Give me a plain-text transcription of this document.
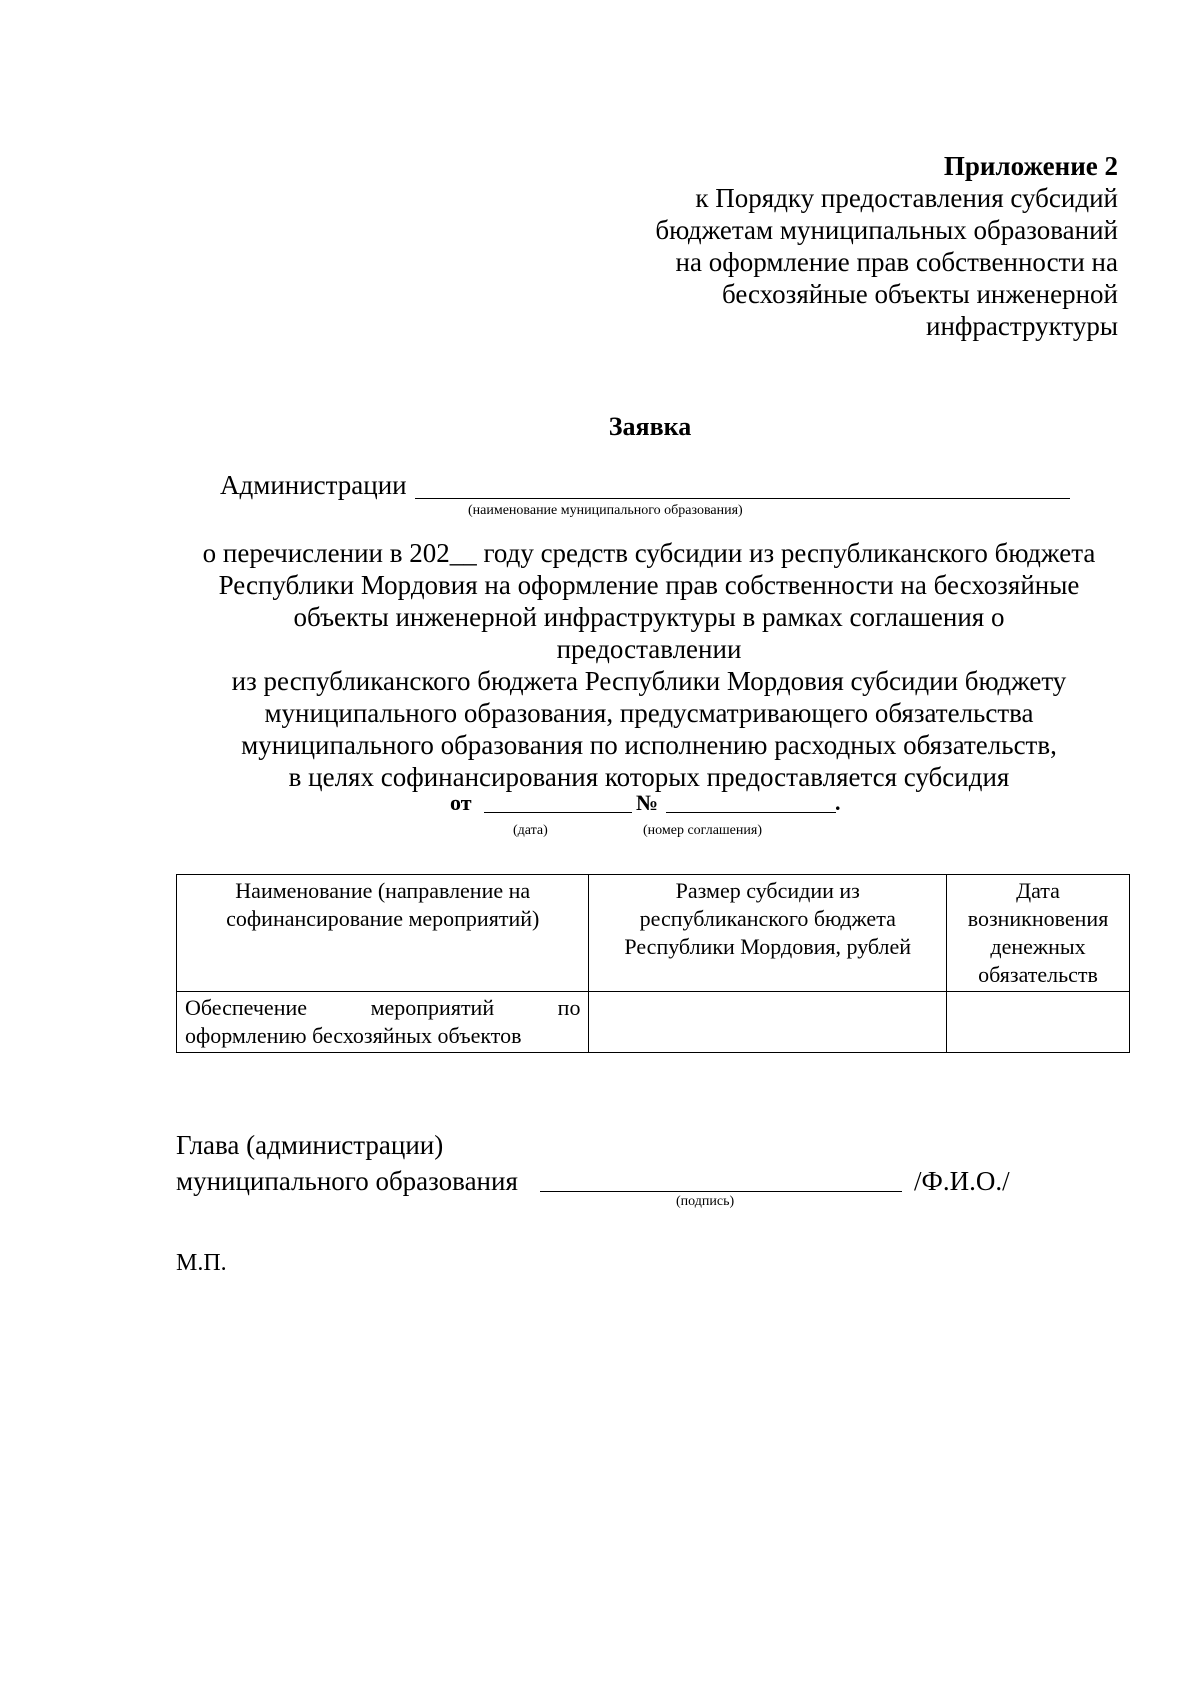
Приложение 2
к Порядку предоставления субсидий
бюджетам муниципальных образований
на оформление прав собственности на
бесхозяйные объекты инженерной
инфраструктуры
Заявка
Администрации
(наименование муниципального образования)
о перечислении в 202__ году средств субсидии из республиканского бюджета
Республики Мордовия на оформление прав собственности на бесхозяйные
объекты инженерной инфраструктуры в рамках соглашения о
предоставлении
из республиканского бюджета Республики Мордовия субсидии бюджету
муниципального образования, предусматривающего обязательства
муниципального образования по исполнению расходных обязательств,
в целях софинансирования которых предоставляется субсидия
от	№	.
(дата)	(номер соглашения)
Наименование (направление на софинансирование мероприятий)	Размер субсидии из республиканского бюджета Республики Мордовия, рублей	Дата возникновения денежных обязательств
Обеспечение мероприятий по оформлению бесхозяйных объектов		
Глава (администрации)
муниципального образования	/Ф.И.О./
(подпись)
М.П.
